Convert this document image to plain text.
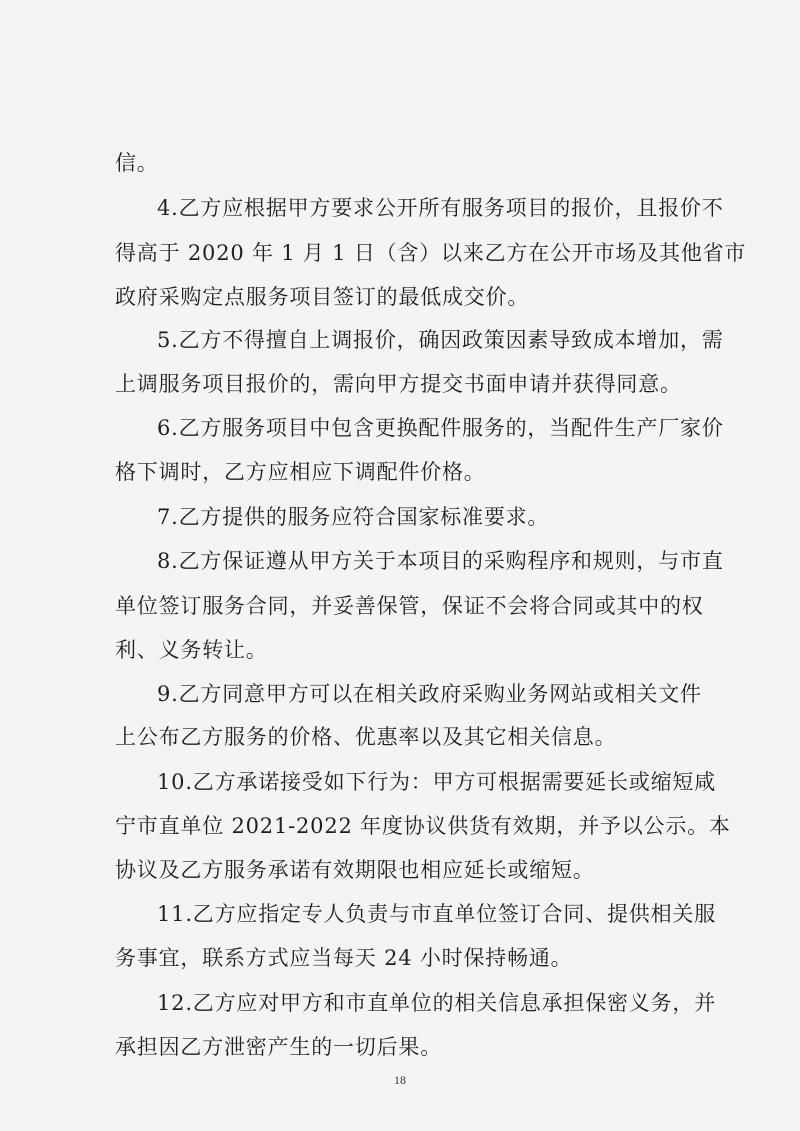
信。
4.乙方应根据甲方要求公开所有服务项目的报价，且报价不
得高于 2020 年 1 月 1 日（含）以来乙方在公开市场及其他省市
政府采购定点服务项目签订的最低成交价。
5.乙方不得擅自上调报价，确因政策因素导致成本增加，需
上调服务项目报价的，需向甲方提交书面申请并获得同意。
6.乙方服务项目中包含更换配件服务的，当配件生产厂家价
格下调时，乙方应相应下调配件价格。
7.乙方提供的服务应符合国家标准要求。
8.乙方保证遵从甲方关于本项目的采购程序和规则，与市直
单位签订服务合同，并妥善保管，保证不会将合同或其中的权
利、义务转让。
9.乙方同意甲方可以在相关政府采购业务网站或相关文件
上公布乙方服务的价格、优惠率以及其它相关信息。
10.乙方承诺接受如下行为：甲方可根据需要延长或缩短咸
宁市直单位 2021-2022 年度协议供货有效期，并予以公示。本
协议及乙方服务承诺有效期限也相应延长或缩短。
11.乙方应指定专人负责与市直单位签订合同、提供相关服
务事宜，联系方式应当每天 24 小时保持畅通。
12.乙方应对甲方和市直单位的相关信息承担保密义务，并
承担因乙方泄密产生的一切后果。
18
